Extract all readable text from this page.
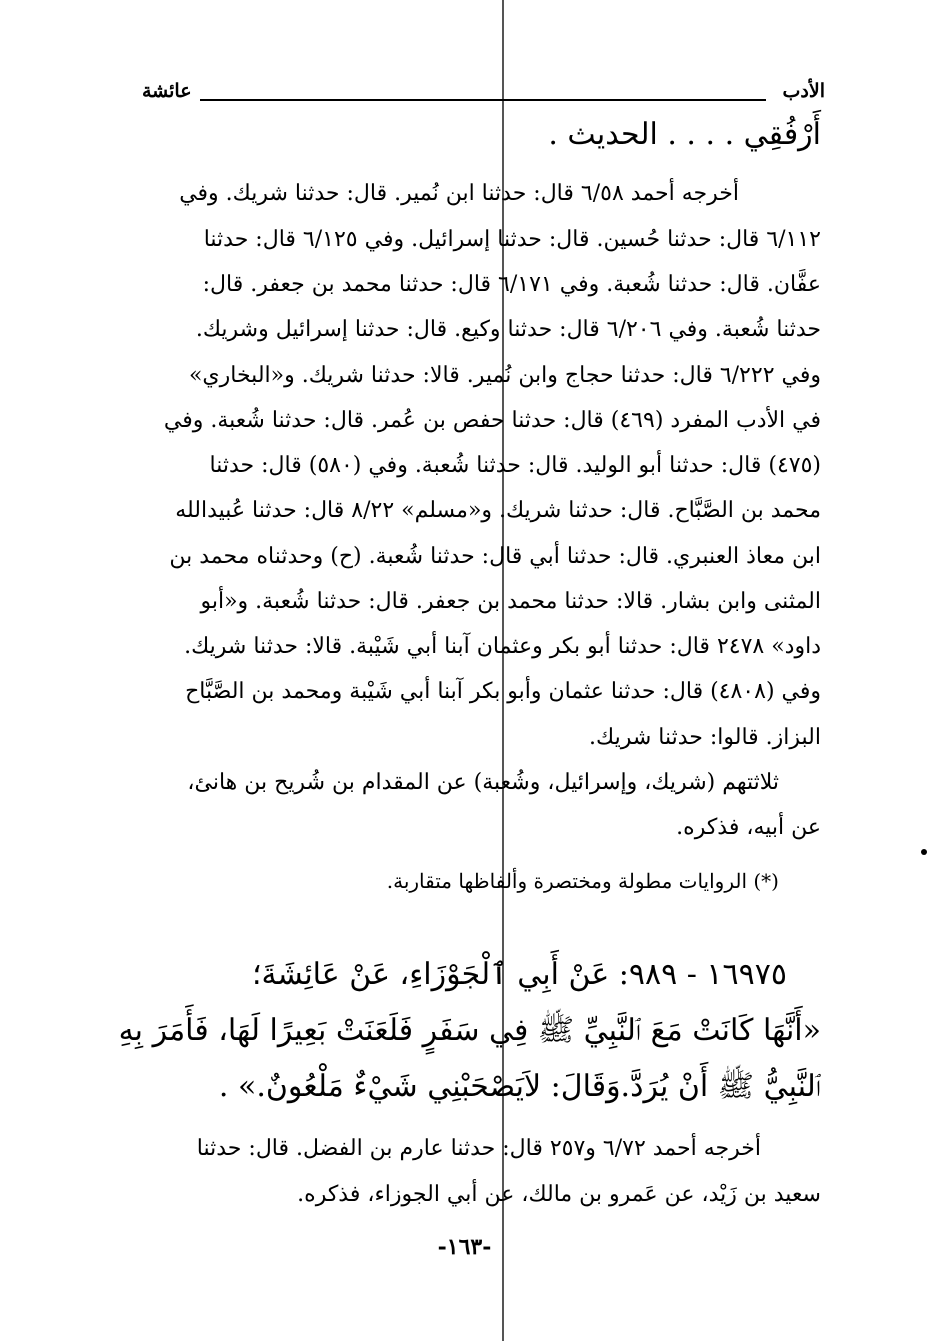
عائشة	الأدب
أَرْفُقِي . . . . الحديث .
أخرجه أحمد ٦/٥٨ قال: حدثنا ابن نُمير. قال: حدثنا شريك. وفي
٦/١١٢ قال: حدثنا حُسين. قال: حدثنا إسرائيل. وفي ٦/١٢٥ قال: حدثنا
عفَّان. قال: حدثنا شُعبة. وفي ٦/١٧١ قال: حدثنا محمد بن جعفر. قال:
حدثنا شُعبة. وفي ٦/٢٠٦ قال: حدثنا وكيع. قال: حدثنا إسرائيل وشريك.
وفي ٦/٢٢٢ قال: حدثنا حجاج وابن نُمير. قالا: حدثنا شريك. و«البخاري»
في الأدب المفرد (٤٦٩) قال: حدثنا حفص بن عُمر. قال: حدثنا شُعبة. وفي
(٤٧٥) قال: حدثنا أبو الوليد. قال: حدثنا شُعبة. وفي (٥٨٠) قال: حدثنا
محمد بن الصَّبَّاح. قال: حدثنا شريك. و«مسلم» ٨/٢٢ قال: حدثنا عُبيدالله
ابن معاذ العنبري. قال: حدثنا أبي قال: حدثنا شُعبة. (ح) وحدثناه محمد بن
المثنى وابن بشار. قالا: حدثنا محمد بن جعفر. قال: حدثنا شُعبة. و«أبو
داود» ٢٤٧٨ قال: حدثنا أبو بكر وعثمان آبنا أبي شَيْبة. قالا: حدثنا شريك.
وفي (٤٨٠٨) قال: حدثنا عثمان وأبو بكر آبنا أبي شَيْبة ومحمد بن الصَّبَّاح
البزاز. قالوا: حدثنا شريك.
ثلاثتهم (شريك، وإسرائيل، وشُعبة) عن المقدام بن شُريح بن هانئ،
عن أبيه، فذكره.
(*) الروايات مطولة ومختصرة وألفاظها متقاربة.
١٦٩٧٥ - ٩٨٩: عَنْ أَبِي ٱلْجَوْزَاءِ، عَنْ عَائِشَةَ؛
«أَنَّهَا كَانَتْ مَعَ ٱلنَّبِيِّ ﷺ فِي سَفَرٍ فَلَعَنَتْ بَعِيرًا لَهَا، فَأَمَرَ بِهِ
ٱلنَّبِيُّ ﷺ أَنْ يُرَدَّ.وَقَالَ: لاَيَصْحَبْنِي شَيْءٌ مَلْعُونٌ.» .
أخرجه أحمد ٦/٧٢ و٢٥٧ قال: حدثنا عارم بن الفضل. قال: حدثنا
سعيد بن زَيْد، عن عَمرو بن مالك، عن أبي الجوزاء، فذكره.
-١٦٣-
